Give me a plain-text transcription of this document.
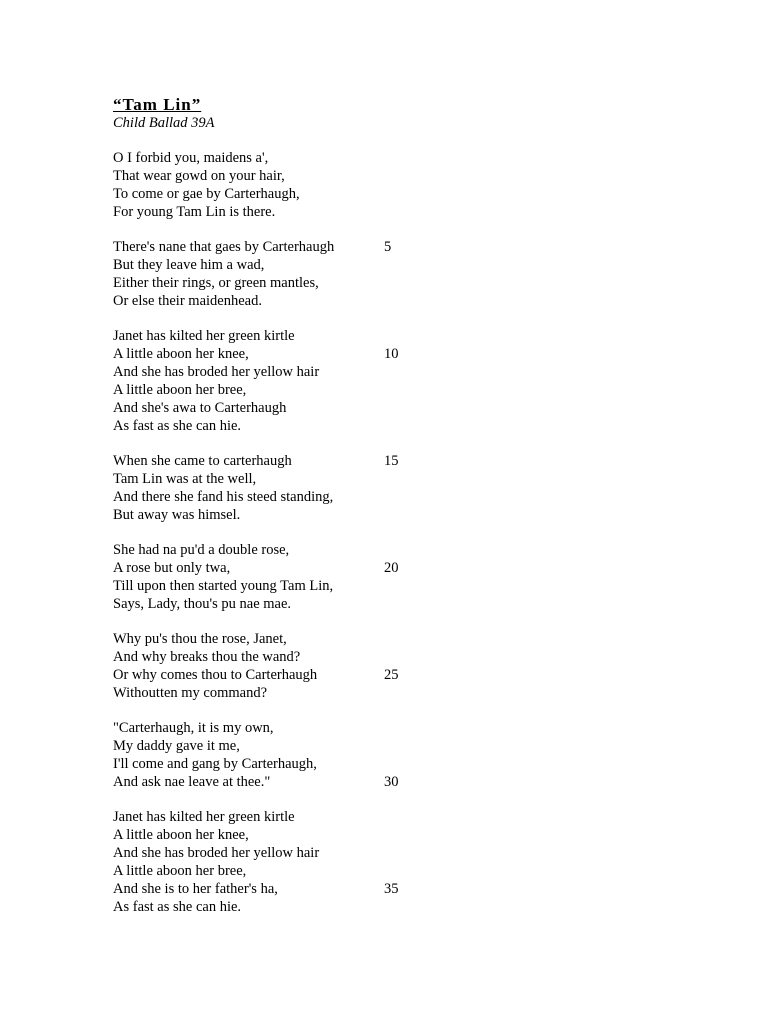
“Tam Lin”
Child Ballad 39A
O I forbid you, maidens a',
That wear gowd on your hair,
To come or gae by Carterhaugh,
For young Tam Lin is there.
There's nane that gaes by Carterhaugh	5
But they leave him a wad,
Either their rings, or green mantles,
Or else their maidenhead.
Janet has kilted her green kirtle
A little aboon her knee,	10
And she has broded her yellow hair
A little aboon her bree,
And she's awa to Carterhaugh
As fast as she can hie.
When she came to carterhaugh	15
Tam Lin was at the well,
And there she fand his steed standing,
But away was himsel.
She had na pu'd a double rose,
A rose but only twa,	20
Till upon then started young Tam Lin,
Says, Lady, thou's pu nae mae.
Why pu's thou the rose, Janet,
And why breaks thou the wand?
Or why comes thou to Carterhaugh	25
Withoutten my command?
"Carterhaugh, it is my own,
My daddy gave it me,
I'll come and gang by Carterhaugh,
And ask nae leave at thee."	30
Janet has kilted her green kirtle
A little aboon her knee,
And she has broded her yellow hair
A little aboon her bree,
And she is to her father's ha,	35
As fast as she can hie.
